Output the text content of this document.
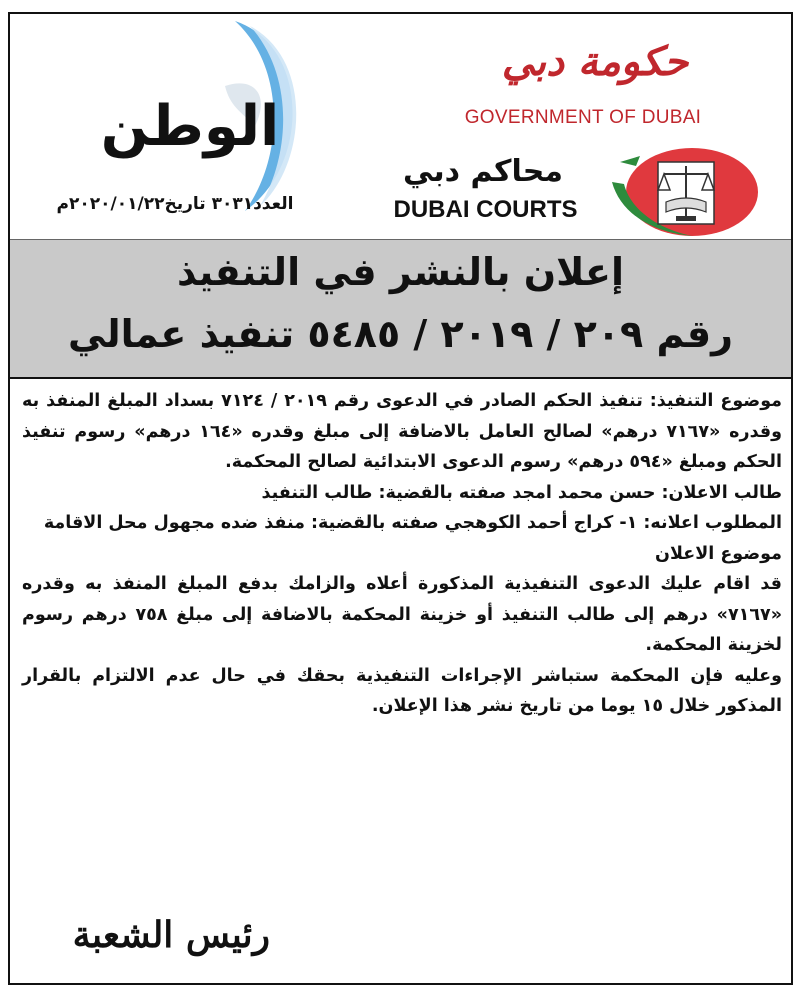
الوطن
العدد٣٠٣١ تاريخ٢٠٢٠/٠١/٢٢م
حكومة دبي
GOVERNMENT OF DUBAI
محاكم دبي
DUBAI COURTS
إعلان بالنشر في التنفيذ
رقم ٢٠٩ / ٢٠١٩ / ٥٤٨٥ تنفيذ عمالي

موضوع التنفيذ: تنفيذ الحكم الصادر في الدعوى رقم ٢٠١٩ / ٧١٢٤ بسداد المبلغ المنفذ به وقدره «٧١٦٧ درهم» لصالح العامل بالاضافة إلى مبلغ وقدره «١٦٤ درهم» رسوم تنفيذ الحكم ومبلغ «٥٩٤ درهم» رسوم الدعوى الابتدائية لصالح المحكمة.

طالب الاعلان: حسن محمد امجد صفته بالقضية: طالب التنفيذ

المطلوب اعلانه: ١- كراج أحمد الكوهجي صفته بالقضية: منفذ ضده مجهول محل الاقامة

موضوع الاعلان

قد اقام عليك الدعوى التنفيذية المذكورة أعلاه والزامك بدفع المبلغ المنفذ به وقدره «٧١٦٧» درهم إلى طالب التنفيذ أو خزينة المحكمة بالاضافة إلى مبلغ ٧٥٨ درهم رسوم لخزينة المحكمة.

وعليه فإن المحكمة ستباشر الإجراءات التنفيذية بحقك في حال عدم الالتزام بالقرار المذكور خلال ١٥ يوما من تاريخ نشر هذا الإعلان.

رئيس الشعبة
